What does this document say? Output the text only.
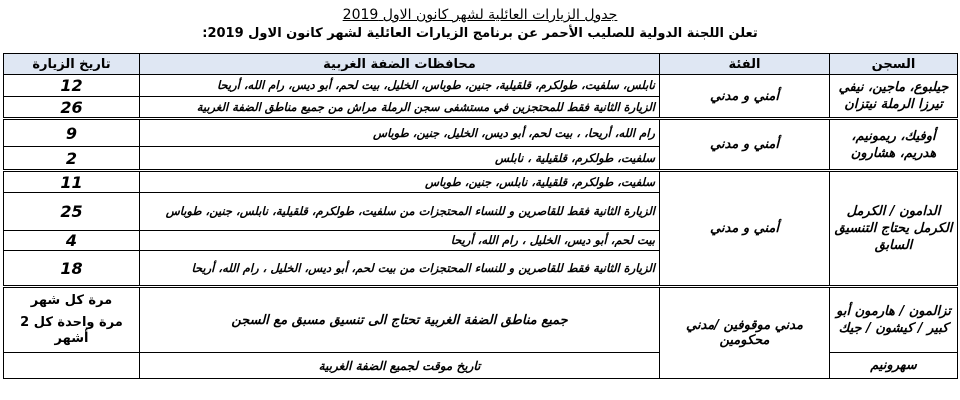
جدول الزيارات العائلية لشهر كانون الاول 2019
تعلن اللجنة الدولية للصليب الأحمر عن برنامج الزيارات العائلية لشهر كانون الاول 2019:
السجن	الفئة	محافظات الضفة الغربية	تاريخ الزيارة
جيلبوع، ماجين، نيفي تيرزا الرملة نيتزان	أمني و مدني	نابلس، سلفيت، طولكرم، قلقيلية، جنين، طوباس، الخليل، بيت لحم، أبو ديس، رام الله، أريحا	12
		الزيارة الثانية فقط للمحتجزين في مستشفى سجن الرملة مراش من جميع مناطق الضفة الغربية	26
أوفيك، ريمونيم، هدريم، هشارون	أمني و مدني	رام الله، أريحا، ، بيت لحم، أبو ديس، الخليل، جنين، طوباس	9
		سلفيت، طولكرم، قلقيلية ، نابلس	2
الدامون / الكرمل الكرمل يحتاج التنسيق السابق	أمني و مدني	سلفيت، طولكرم، قلقيلية، نابلس، جنين، طوباس	11
		الزيارة الثانية فقط للقاصرين و للنساء المحتجزات من سلفيت، طولكرم، قلقيلية، نابلس، جنين، طوباس	25
		بيت لحم، أبو ديس، الخليل ، رام الله، أريحا	4
		الزيارة الثانية فقط للقاصرين و للنساء المحتجزات من بيت لحم، أبو ديس، الخليل ، رام الله، أريحا	18
تزالمون / هارمون أبو كبير / كيشون / جيك	مدني موقوفين /مدني محكومين	جميع مناطق الضفة الغربية تحتاج الى تنسيق مسبق مع السجن	مرة كل شهر
مرة واحدة كل 2 أشهر

سهرونيم		تاريخ موقت لجميع الضفة الغربية	
